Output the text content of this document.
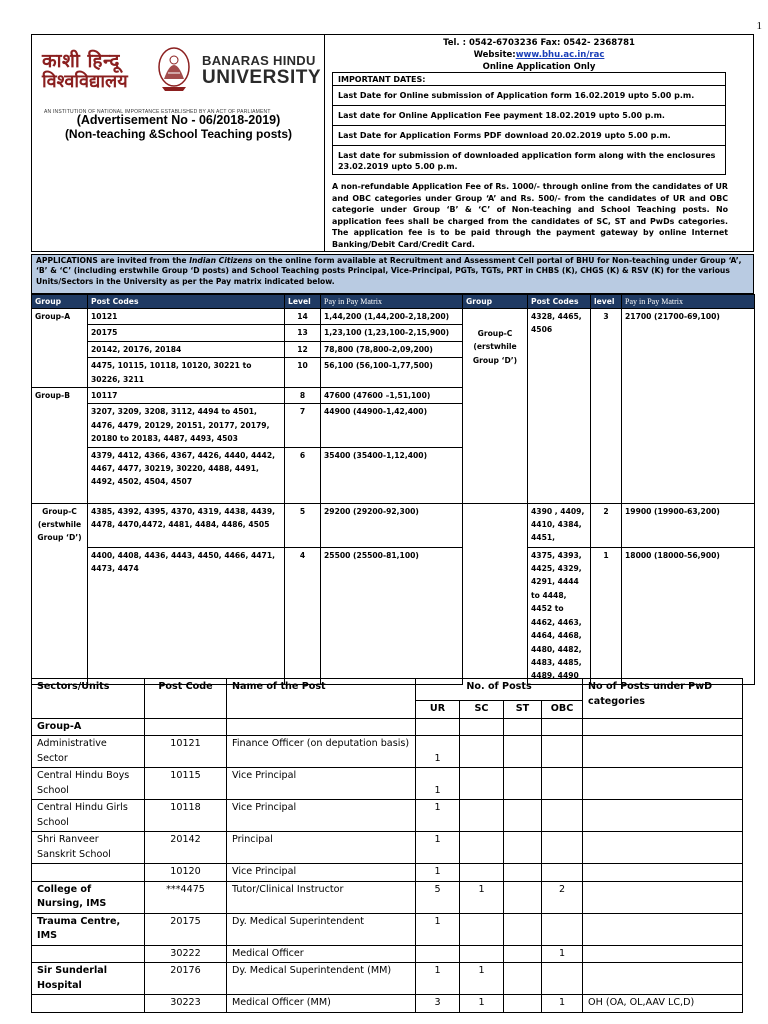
1
काशी हिन्दू
विश्वविद्यालय
BANARAS HINDU
UNIVERSITY
AN INSTITUTION OF NATIONAL IMPORTANCE ESTABLISHED BY AN ACT OF PARLIAMENT
(Advertisement No - 06/2018-2019)
(Non-teaching &School Teaching posts)
Tel. : 0542-6703236 Fax: 0542- 2368781
Website:www.bhu.ac.in/rac
Online Application Only
IMPORTANT DATES:
Last Date for Online submission of Application form 16.02.2019 upto 5.00 p.m.
Last date for Online Application Fee payment 18.02.2019 upto 5.00 p.m.
Last Date for Application Forms PDF download 20.02.2019 upto 5.00 p.m.
Last date for submission of downloaded application form along with the enclosures 23.02.2019 upto 5.00 p.m.
A non-refundable Application Fee of Rs. 1000/- through online from the candidates of UR and OBC categories under Group ‘A’ and Rs. 500/- from the candidates of UR and OBC categorie under Group ‘B’ & ‘C’ of Non-teaching and School Teaching posts. No application fees shall be charged from the candidates of SC, ST and PwDs categories. The application fee is to be paid through the payment gateway by online Internet Banking/Debit Card/Credit Card.
APPLICATIONS are invited from the Indian Citizens on the online form available at Recruitment and Assessment Cell portal of BHU for Non-teaching under Group ‘A’, ‘B’ & ‘C’ (including erstwhile Group ‘D posts) and School Teaching posts Principal, Vice-Principal, PGTs, TGTs, PRT in CHBS (K), CHGS (K) & RSV (K) for the various Units/Sectors in the University as per the Pay matrix indicated below.
Group	Post Codes	Level	Pay in Pay Matrix	Group	Post Codes	level	Pay in Pay Matrix
Group-A	10121	14	1,44,200 (1,44,200-2,18,200)	Group-C (erstwhile Group ‘D’)	4328, 4465, 4506	3	21700 (21700-69,100)
	20175	13	1,23,100 (1,23,100-2,15,900)				
	20142, 20176, 20184	12	78,800 (78,800-2,09,200)				
	4475, 10115, 10118, 10120, 30221 to 30226, 3211	10	56,100 (56,100-1,77,500)				
Group-B	10117	8	47600 (47600 –1,51,100)				
	3207, 3209, 3208, 3112, 4494 to 4501, 4476, 4479, 20129, 20151, 20177, 20179, 20180 to 20183, 4487, 4493, 4503	7	44900 (44900-1,42,400)				
	4379, 4412, 4366, 4367, 4426, 4440, 4442, 4467, 4477, 30219, 30220, 4488, 4491, 4492, 4502, 4504, 4507	6	35400 (35400-1,12,400)				
Group-C (erstwhile Group ‘D’)	4385, 4392, 4395, 4370, 4319, 4438, 4439, 4478, 4470,4472, 4481, 4484, 4486, 4505	5	29200 (29200-92,300)		4390 , 4409, 4410, 4384, 4451,	2	19900 (19900-63,200)
	4400, 4408, 4436, 4443, 4450, 4466, 4471, 4473, 4474	4	25500 (25500-81,100)		4375, 4393, 4425, 4329, 4291, 4444 to 4448, 4452 to 4462, 4463, 4464, 4468, 4480, 4482, 4483, 4485, 4489, 4490	1	18000 (18000-56,900)
Sectors/Units	Post Code	Name of the Post	No. of Posts				No of Posts under PwD categories
			UR	SC	ST	OBC	
Group-A							
Administrative Sector	10121	Finance Officer (on deputation basis)	1				
Central Hindu Boys School	10115	Vice Principal	1				
Central Hindu Girls School	10118	Vice Principal	1				
Shri Ranveer Sanskrit School	20142	Principal	1				
	10120	Vice Principal	1				
College of Nursing, IMS	***4475	Tutor/Clinical Instructor	5	1		2	
Trauma Centre, IMS	20175	Dy. Medical Superintendent	1				
	30222	Medical Officer				1	
Sir Sunderlal Hospital	20176	Dy. Medical Superintendent (MM)	1	1			
	30223	Medical Officer (MM)	3	1		1	OH (OA, OL,AAV LC,D)
